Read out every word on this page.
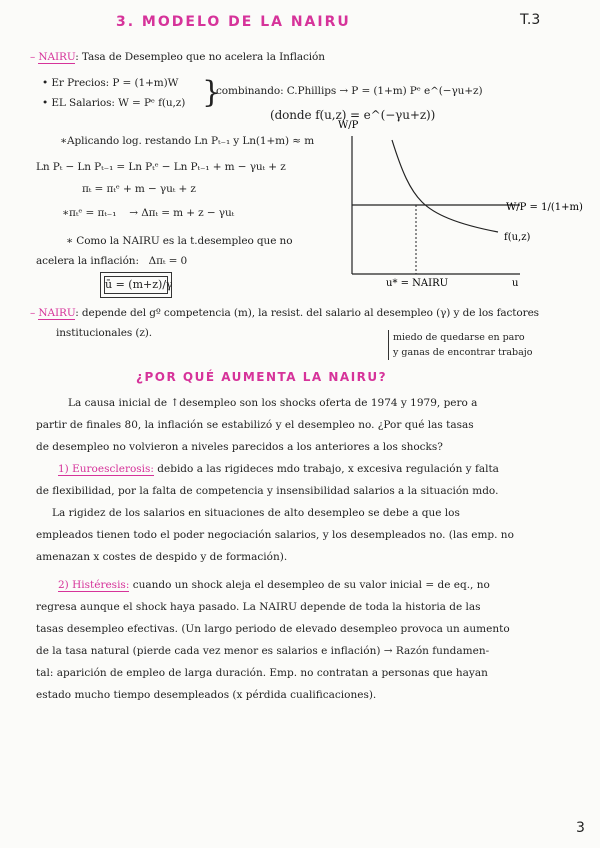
3. MODELO DE LA NAIRU	T.3
– NAIRU: Tasa de Desempleo que no acelera la Inflación
• Er Precios: P = (1+m)W
• EL Salarios: W = Pᵉ f(u,z) }
combinando: C.Phillips → P = (1+m) Pᵉ e^(−γu+z)
(donde f(u,z) = e^(−γu+z))
∗Aplicando log. restando Ln Pₜ₋₁ y Ln(1+m) ≈ m
Ln Pₜ − Ln Pₜ₋₁ = Ln Pₜᵉ − Ln Pₜ₋₁ + m − γuₜ + z
πₜ = πₜᵉ + m − γuₜ + z
∗πₜᵉ = πₜ₋₁ → Δπₜ = m + z − γuₜ
∗ Como la NAIRU es la t.desempleo que no
acelera la inflación: Δπₜ = 0
ū = (m+z)/γ
W/P
f(u,z)
W/P = 1/(1+m)
u* = NAIRU	u
– NAIRU: depende del gº competencia (m), la resist. del salario al desempleo (γ) y de los factores
institucionales (z).	miedo de quedarse en paro
y ganas de encontrar trabajo
¿POR QUÉ AUMENTA LA NAIRU?
La causa inicial de ↑desempleo son los shocks oferta de 1974 y 1979, pero a
partir de finales 80, la inflación se estabilizó y el desempleo no. ¿Por qué las tasas
de desempleo no volvieron a niveles parecidos a los anteriores a los shocks?
1) Euroesclerosis: debido a las rigideces mdo trabajo, x excesiva regulación y falta
de flexibilidad, por la falta de competencia y insensibilidad salarios a la situación mdo.
La rigidez de los salarios en situaciones de alto desempleo se debe a que los
empleados tienen todo el poder negociación salarios, y los desempleados no. (las emp. no
amenazan x costes de despido y de formación).
2) Histéresis: cuando un shock aleja el desempleo de su valor inicial = de eq., no
regresa aunque el shock haya pasado. La NAIRU depende de toda la historia de las
tasas desempleo efectivas. (Un largo periodo de elevado desempleo provoca un aumento
de la tasa natural (pierde cada vez menor es salarios e inflación) → Razón fundamen-
tal: aparición de empleo de larga duración. Emp. no contratan a personas que hayan
estado mucho tiempo desempleados (x pérdida cualificaciones).
3
